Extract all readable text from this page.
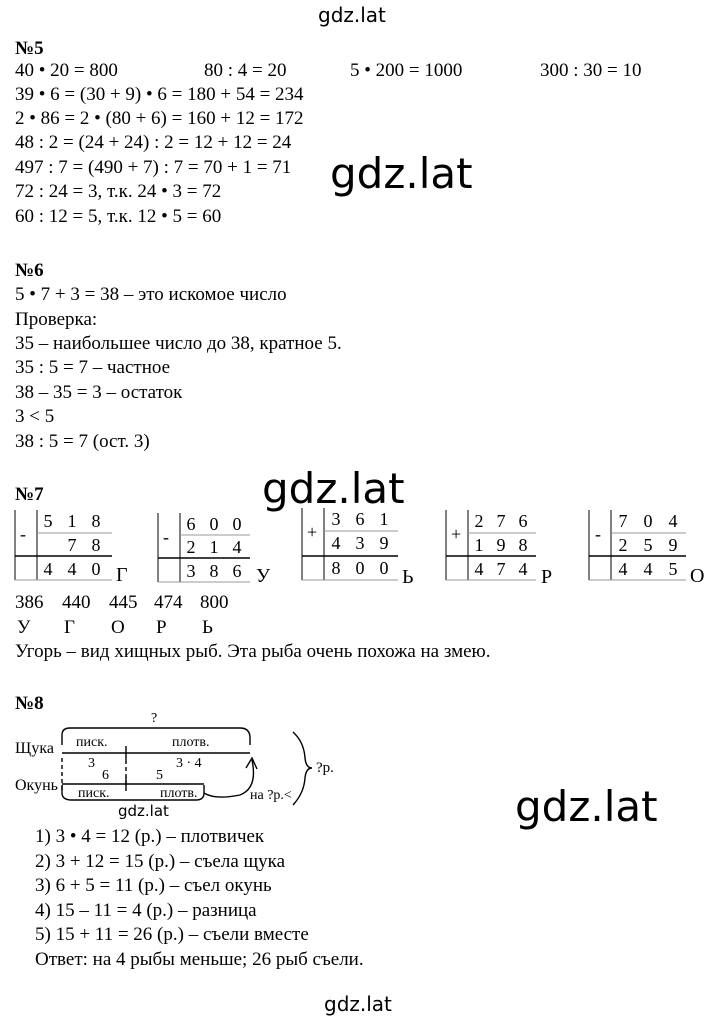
gdz.lat
gdz.lat
gdz.lat
gdz.lat
gdz.lat
gdz.lat
№5
40 • 20 = 800	80 : 4 = 20	5 • 200 = 1000	300 : 30 = 10
39 • 6 = (30 + 9) • 6 = 180 + 54 = 234
2 • 86 = 2 • (80 + 6) = 160 + 12 = 172
48 : 2 = (24 + 24) : 2 = 12 + 12 = 24
497 : 7 = (490 + 7) : 7 = 70 + 1 = 71
72 : 24 = 3, т.к. 24 • 3 = 72
60 : 12 = 5, т.к. 12 • 5 = 60
№6
5 • 7 + 3 = 38 – это искомое число
Проверка:
35 – наибольшее число до 38, кратное 5.
35 : 5 = 7 – частное
38 – 35 = 3 – остаток
3 < 5
38 : 5 = 7 (ост. 3)
№7
-
5 1 8
7 8
4 4 0 Г
-
6 0 0
2 1 4
3 8 6 У
+
3 6 1
4 3 9
8 0 0 Ь
+
2 7 6
1 9 8
4 7 4 Р
-
7 0 4
2 5 9
4 4 5 О
386 440 445 474 800
У Г О Р Ь
Угорь – вид хищных рыб. Эта рыба очень похожа на змею.
№8
?
Щука писк.	плотв.
3	3 · 4
Окунь
6	5
писк.	плотв.	на ?р.<
?р.
1) 3 • 4 = 12 (р.) – плотвичек
2) 3 + 12 = 15 (р.) – съела щука
3) 6 + 5 = 11 (р.) – съел окунь
4) 15 – 11 = 4 (р.) – разница
5) 15 + 11 = 26 (р.) – съели вместе
Ответ: на 4 рыбы меньше; 26 рыб съели.
